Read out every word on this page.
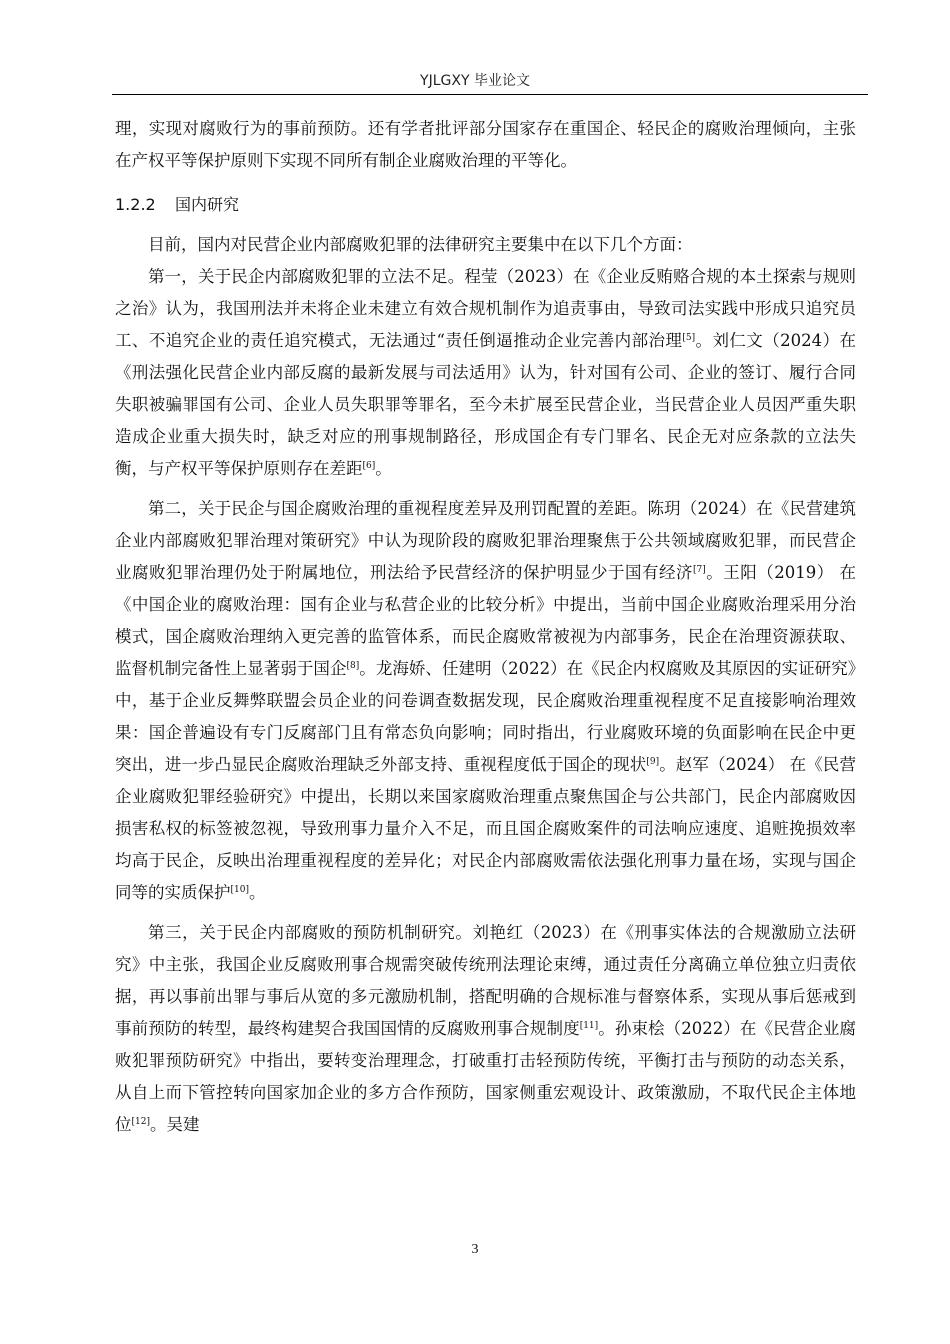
YJLGXY 毕业论文

理，实现对腐败行为的事前预防。还有学者批评部分国家存在重国企、轻民企的腐败治理倾向，主张在产权平等保护原则下实现不同所有制企业腐败治理的平等化。

1.2.2 国内研究

目前，国内对民营企业内部腐败犯罪的法律研究主要集中在以下几个方面：

第一，关于民企内部腐败犯罪的立法不足。程莹（2023）在《企业反贿赂合规的本土探索与规则之治》认为，我国刑法并未将企业未建立有效合规机制作为追责事由，导致司法实践中形成只追究员工、不追究企业的责任追究模式，无法通过“责任倒逼推动企业完善内部治理[5]。刘仁文（2024）在《刑法强化民营企业内部反腐的最新发展与司法适用》认为，针对国有公司、企业的签订、履行合同失职被骗罪国有公司、企业人员失职罪等罪名，至今未扩展至民营企业，当民营企业人员因严重失职造成企业重大损失时，缺乏对应的刑事规制路径，形成国企有专门罪名、民企无对应条款的立法失衡，与产权平等保护原则存在差距[6]。

第二，关于民企与国企腐败治理的重视程度差异及刑罚配置的差距。陈玥（2024）在《民营建筑企业内部腐败犯罪治理对策研究》中认为现阶段的腐败犯罪治理聚焦于公共领域腐败犯罪，而民营企业腐败犯罪治理仍处于附属地位，刑法给予民营经济的保护明显少于国有经济[7]。王阳（2019） 在《中国企业的腐败治理：国有企业与私营企业的比较分析》中提出，当前中国企业腐败治理采用分治模式，国企腐败治理纳入更完善的监管体系，而民企腐败常被视为内部事务，民企在治理资源获取、监督机制完备性上显著弱于国企[8]。龙海娇、任建明（2022）在《民企内权腐败及其原因的实证研究》中，基于企业反舞弊联盟会员企业的问卷调查数据发现，民企腐败治理重视程度不足直接影响治理效果：国企普遍设有专门反腐部门且有常态负向影响；同时指出，行业腐败环境的负面影响在民企中更突出，进一步凸显民企腐败治理缺乏外部支持、重视程度低于国企的现状[9]。赵军（2024） 在《民营企业腐败犯罪经验研究》中提出，长期以来国家腐败治理重点聚焦国企与公共部门，民企内部腐败因损害私权的标签被忽视，导致刑事力量介入不足，而且国企腐败案件的司法响应速度、追赃挽损效率均高于民企，反映出治理重视程度的差异化；对民企内部腐败需依法强化刑事力量在场，实现与国企同等的实质保护[10]。

第三，关于民企内部腐败的预防机制研究。刘艳红（2023）在《刑事实体法的合规激励立法研究》中主张，我国企业反腐败刑事合规需突破传统刑法理论束缚，通过责任分离确立单位独立归责依据，再以事前出罪与事后从宽的多元激励机制，搭配明确的合规标准与督察体系，实现从事后惩戒到事前预防的转型，最终构建契合我国国情的反腐败刑事合规制度[11]。孙束桧（2022）在《民营企业腐败犯罪预防研究》中指出，要转变治理理念，打破重打击轻预防传统，平衡打击与预防的动态关系，从自上而下管控转向国家加企业的多方合作预防，国家侧重宏观设计、政策激励，不取代民企主体地位[12]。吴建

3
